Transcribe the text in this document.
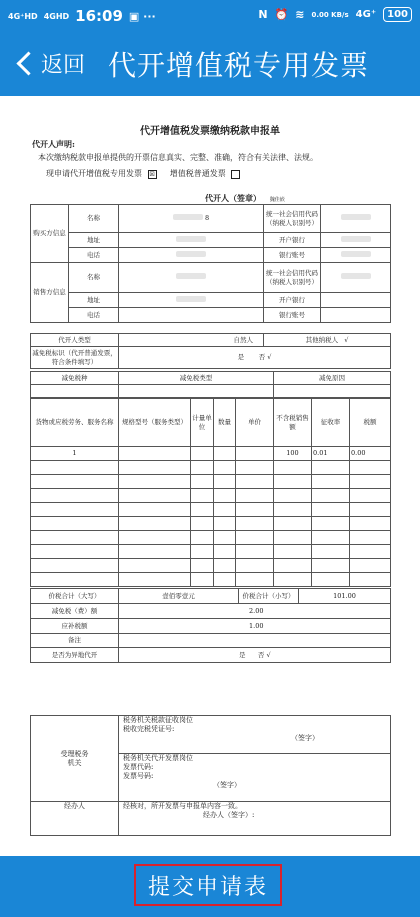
4G⁺HD 4GHD 16:09 ▣ ···	N ⏰ ≋ 0.00 KB/s 4G⁺	100
返回 代开增值税专用发票
代开增值税发票缴纳税款申报单
代开人声明:
本次缴纳税款申报单提供的开票信息真实、完整、准确，符合有关法律、法规。
现申请代开增值税专用发票 ☒ 增值税普通发票
代开人（签章） 魏佳嵌
购买方信息	名称	8	统一社会信用代码（纳税人识别号）	
	地址		开户银行	
	电话		银行账号	
销售方信息	名称		统一社会信用代码（纳税人识别号）	
	地址		开户银行	
	电话		银行账号	
代开人类型	自然人	其他纳税人 √
减免税标识（代开普通发票，符合条件填写）	是 否 √	
减免税种	减免税类型	减免原因

货物或应税劳务、服务名称	规格型号（服务类型）	计量单位	数量	单价	不含税销售额	征收率	税额
1					100	0.01	0.00

价税合计（大写）	壹佰零壹元	价税合计（小写）	101.00
减免税（费）额	2.00		
应补税额	1.00		
备注			
是否为异地代开	是 否 √		
受理税务机关	税务机关税款征收岗位
税收完税凭证号:
（签字）

	税务机关代开发票岗位
发票代码:
发票号码:
（签字）

经办人	经核对，所开发票与申报单内容一致。
经办人（签字）:
提交申请表
